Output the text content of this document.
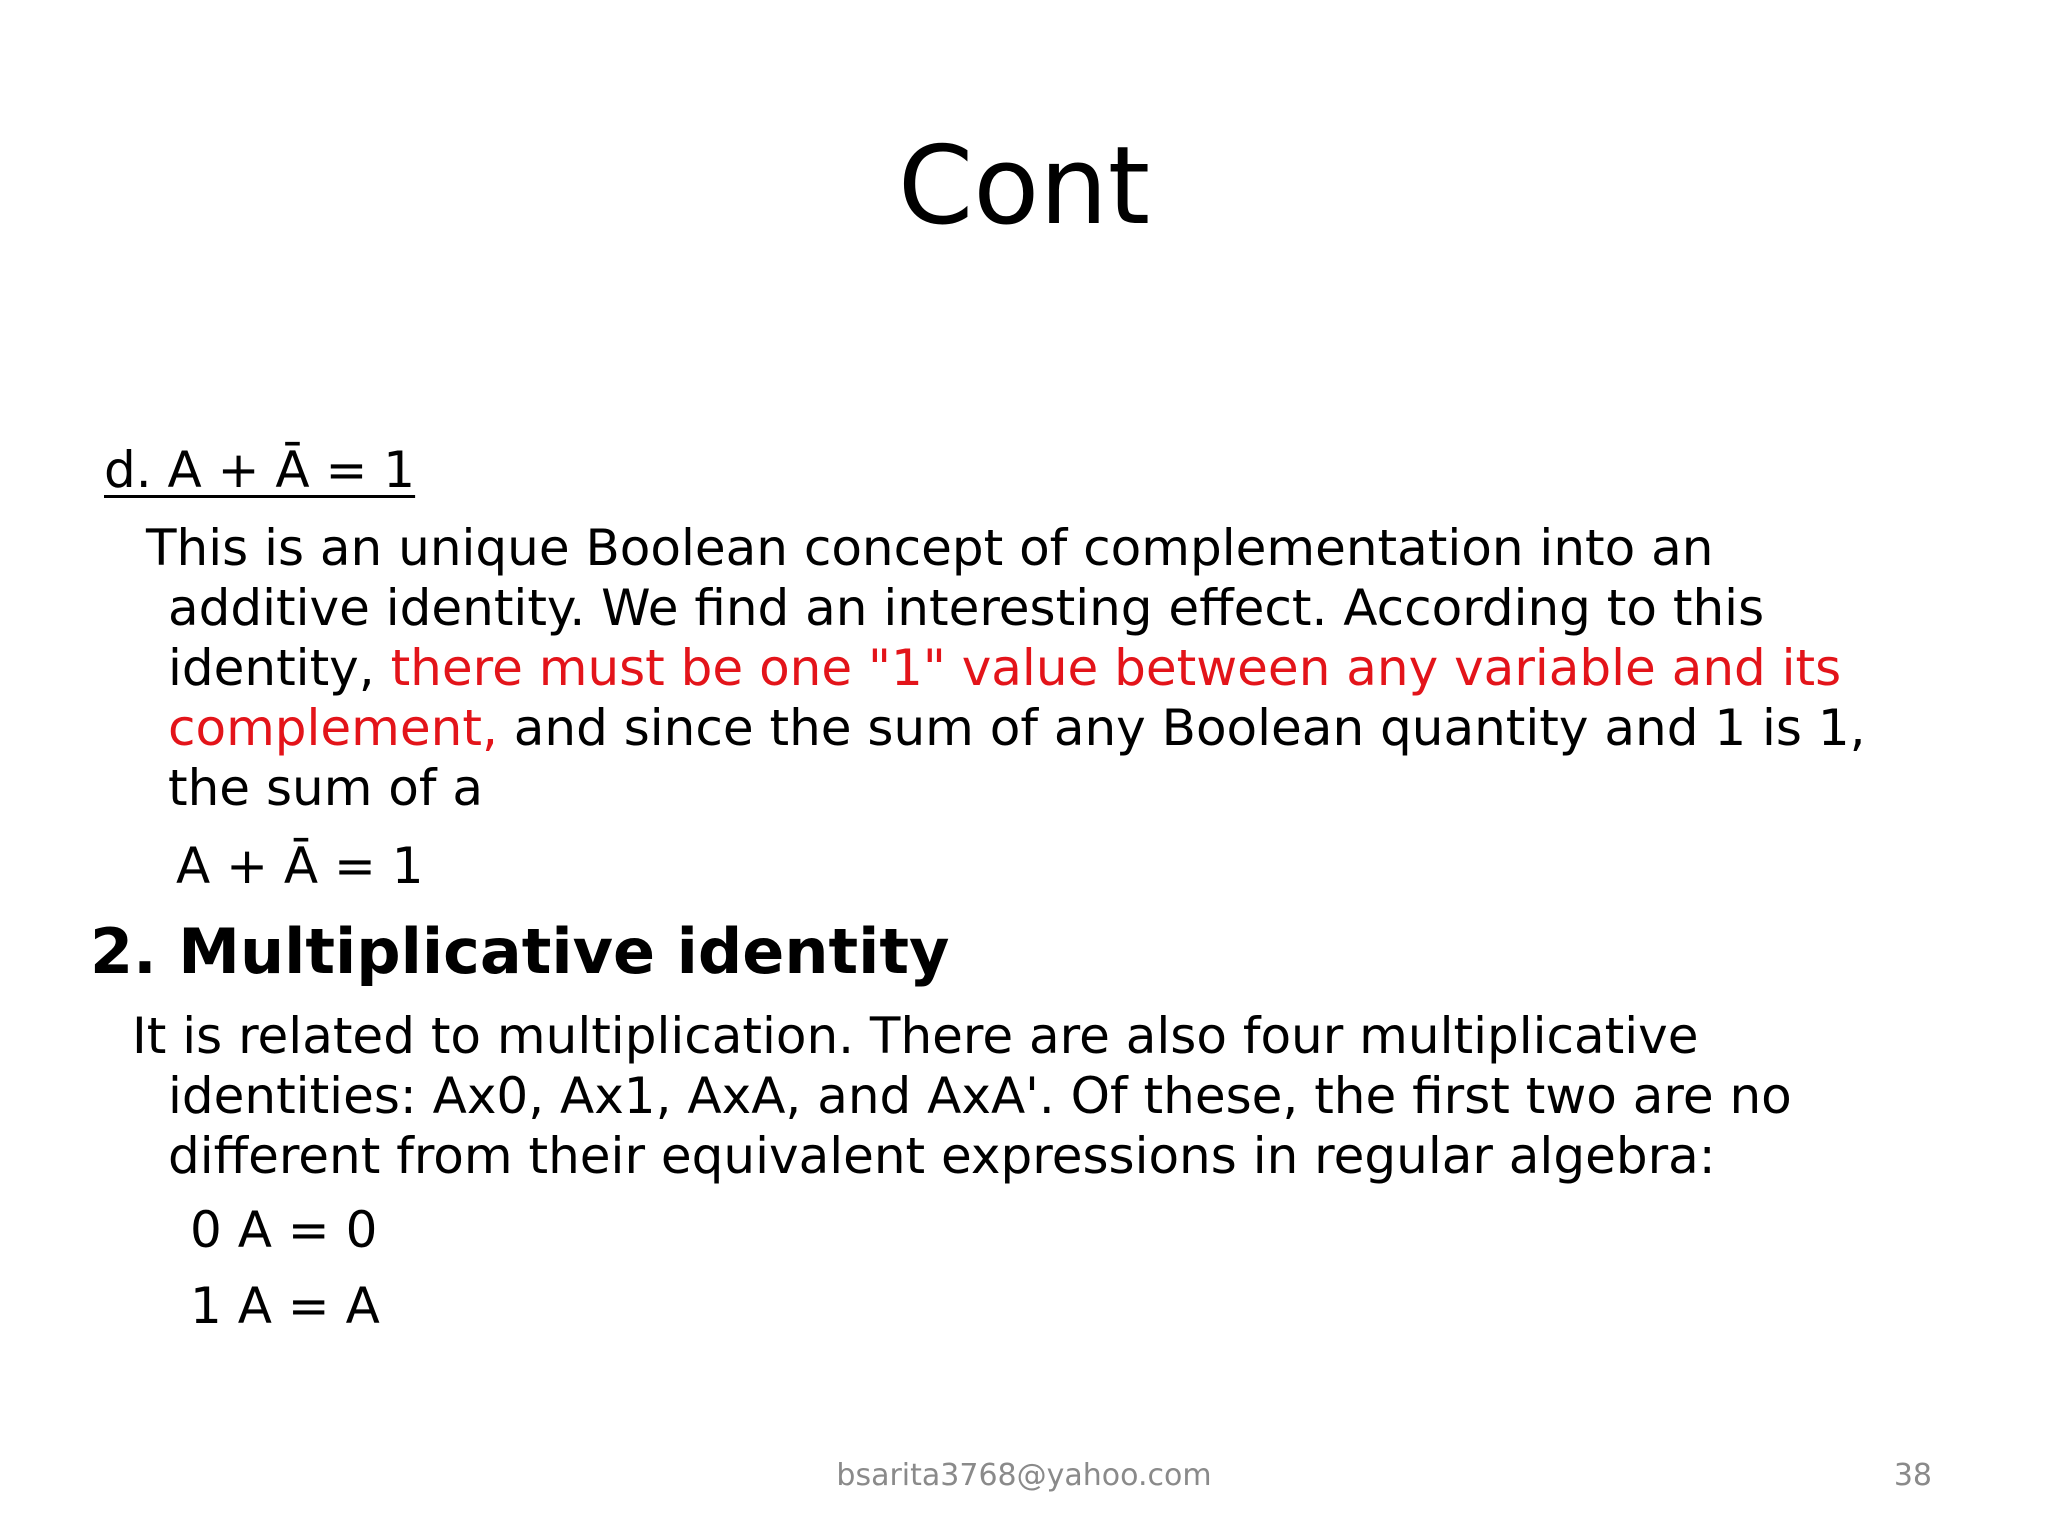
Cont
d. A + Ā = 1
This is an unique Boolean concept of complementation into an
additive identity. We find an interesting effect. According to this identity, there must be one "1" value between any variable and its complement, and since the sum of any Boolean quantity and 1 is 1, the sum of a
A + Ā = 1
2. Multiplicative identity
It is related to multiplication. There are also four multiplicative
identities: Ax0, Ax1, AxA, and AxA'. Of these, the first two are no different from their equivalent expressions in regular algebra:
0 A = 0
1 A = A
bsarita3768@yahoo.com	38
